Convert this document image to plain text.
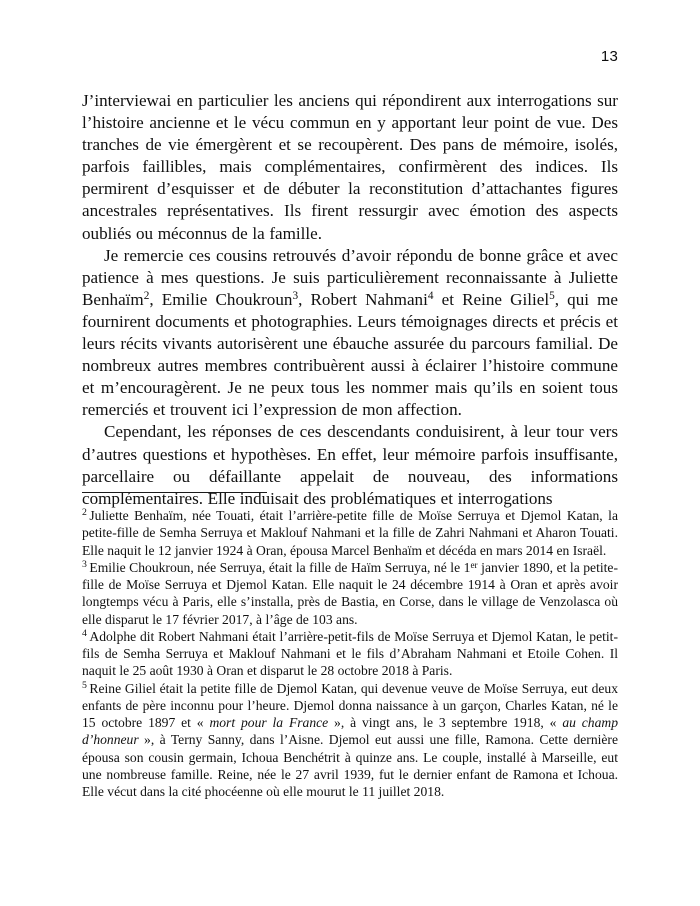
13

J’interviewai en particulier les anciens qui répondirent aux interrogations sur l’histoire ancienne et le vécu commun en y apportant leur point de vue. Des tranches de vie émergèrent et se recoupèrent. Des pans de mémoire, isolés, parfois faillibles, mais complémentaires, confirmèrent des indices. Ils permirent d’esquisser et de débuter la reconstitution d’attachantes figures ancestrales représentatives. Ils firent ressurgir avec émotion des aspects oubliés ou méconnus de la famille.

Je remercie ces cousins retrouvés d’avoir répondu de bonne grâce et avec patience à mes questions. Je suis particulièrement reconnaissante à Juliette Benhaïm$^2$, Emilie Choukroun$^3$, Robert Nahmani$^4$ et Reine Giliel$^5$, qui me fournirent documents et photographies. Leurs témoignages directs et précis et leurs récits vivants autorisèrent une ébauche assurée du parcours familial. De nombreux autres membres contribuèrent aussi à éclairer l’histoire commune et m’encouragèrent. Je ne peux tous les nommer mais qu’ils en soient tous remerciés et trouvent ici l’expression de mon affection.

Cependant, les réponses de ces descendants conduisirent, à leur tour vers d’autres questions et hypothèses. En effet, leur mémoire parfois insuffisante, parcellaire ou défaillante appelait de nouveau, des informations complémentaires. Elle induisait des problématiques et interrogations

$^2$ Juliette Benhaïm, née Touati, était l’arrière-petite fille de Moïse Serruya et Djemol Katan, la petite-fille de Semha Serruya et Maklouf Nahmani et la fille de Zahri Nahmani et Aharon Touati. Elle naquit le 12 janvier 1924 à Oran, épousa Marcel Benhaïm et décéda en mars 2014 en Israël.

$^3$ Emilie Choukroun, née Serruya, était la fille de Haïm Serruya, né le 1er janvier 1890, et la petite-fille de Moïse Serruya et Djemol Katan. Elle naquit le 24 décembre 1914 à Oran et après avoir longtemps vécu à Paris, elle s’installa, près de Bastia, en Corse, dans le village de Venzolasca où elle disparut le 17 février 2017, à l’âge de 103 ans.

$^4$ Adolphe dit Robert Nahmani était l’arrière-petit-fils de Moïse Serruya et Djemol Katan, le petit-fils de Semha Serruya et Maklouf Nahmani et le fils d’Abraham Nahmani et Etoile Cohen. Il naquit le 25 août 1930 à Oran et disparut le 28 octobre 2018 à Paris.

$^5$ Reine Giliel était la petite fille de Djemol Katan, qui devenue veuve de Moïse Serruya, eut deux enfants de père inconnu pour l’heure. Djemol donna naissance à un garçon, Charles Katan, né le 15 octobre 1897 et « mort pour la France », à vingt ans, le 3 septembre 1918, « au champ d’honneur », à Terny Sanny, dans l’Aisne. Djemol eut aussi une fille, Ramona. Cette dernière épousa son cousin germain, Ichoua Benchétrit à quinze ans. Le couple, installé à Marseille, eut une nombreuse famille. Reine, née le 27 avril 1939, fut le dernier enfant de Ramona et Ichoua. Elle vécut dans la cité phocéenne où elle mourut le 11 juillet 2018.
